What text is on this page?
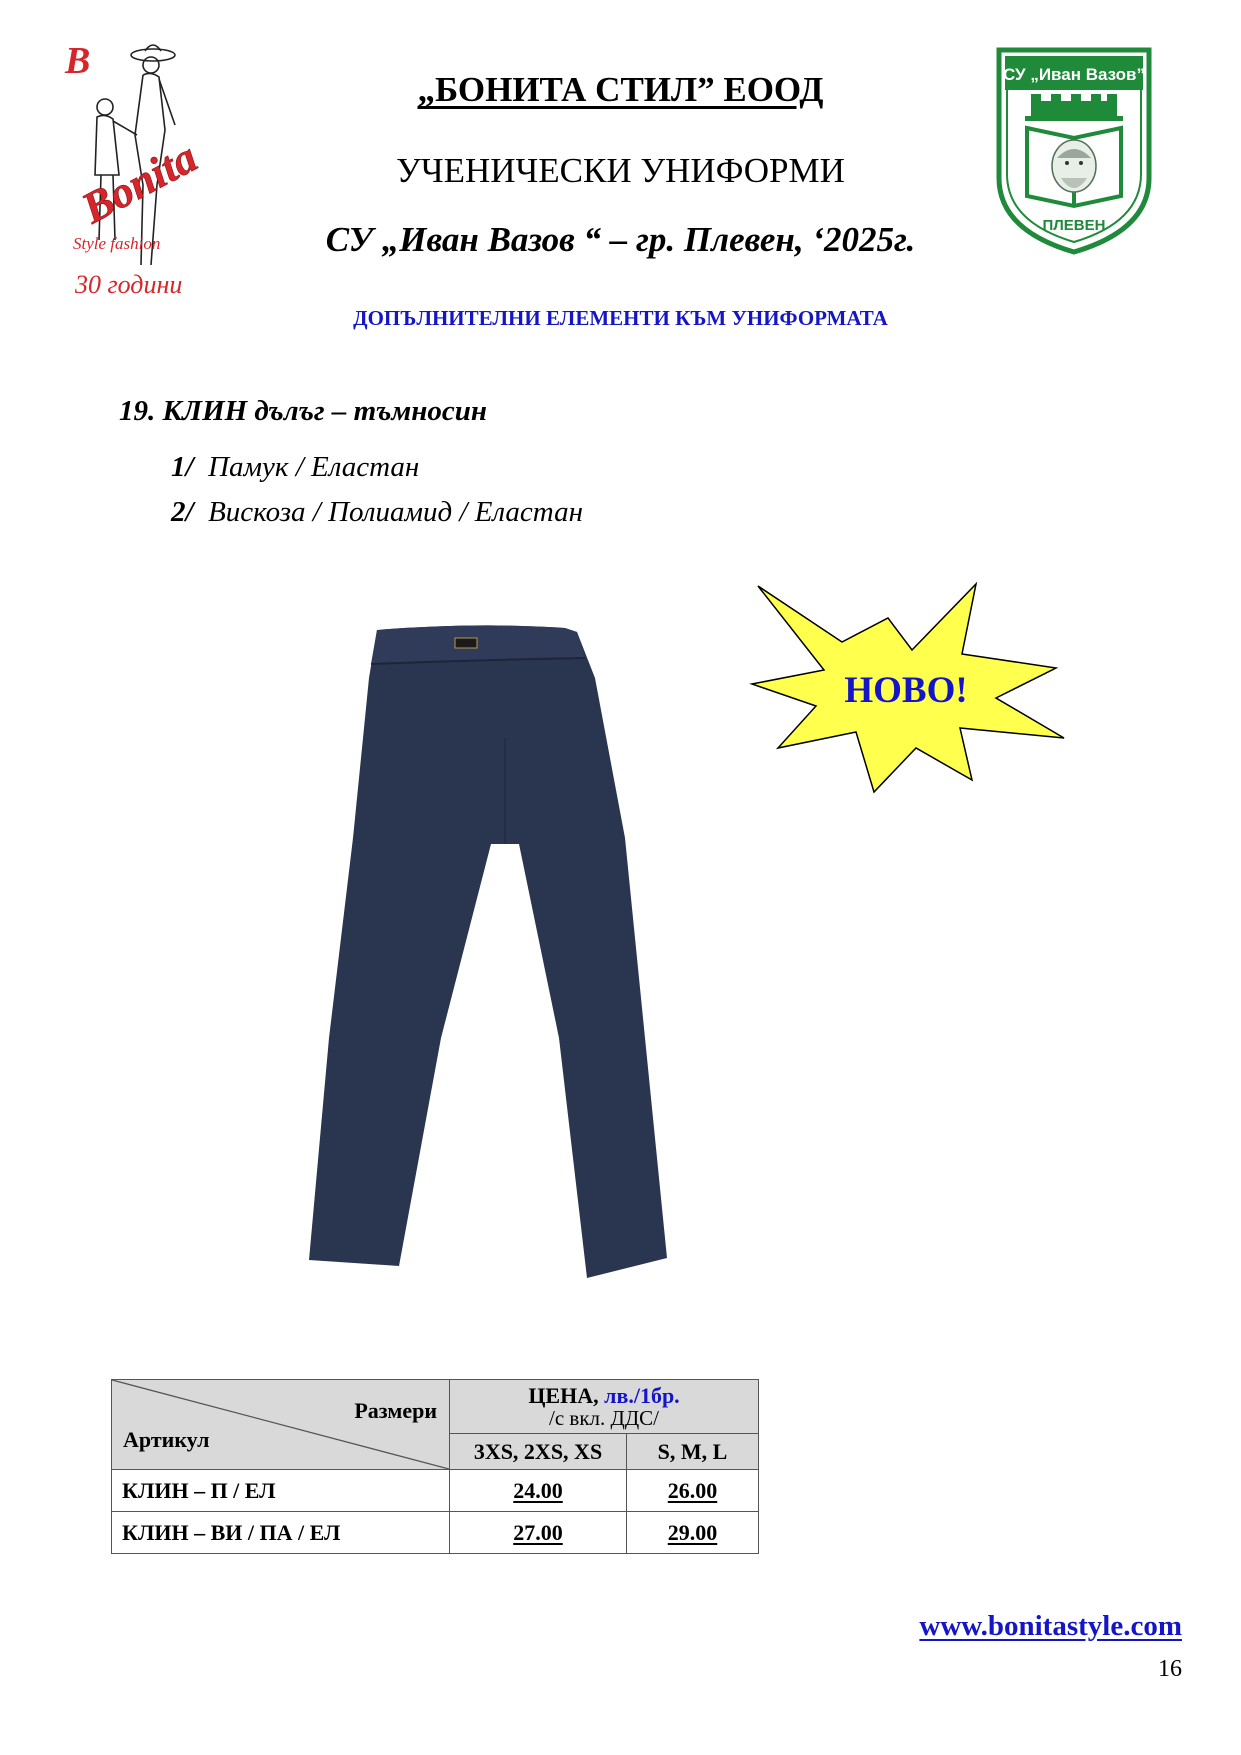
B
Bonita
Style fashion
30 години
СУ „Иван Вазов”
ПЛЕВЕН
„БОНИТА СТИЛ” ЕООД
УЧЕНИЧЕСКИ УНИФОРМИ
СУ „Иван Вазов “ – гр. Плевен, ‘2025г.
ДОПЪЛНИТЕЛНИ ЕЛЕМЕНТИ КЪМ УНИФОРМАТА
19. КЛИН дълъг – тъмносин
1/ Памук / Еластан
2/ Вискоза / Полиамид / Еластан
НОВО!
Размери
Артикул	ЦЕНА, лв./1бр.
/с вкл. ДДС/	
	3XS, 2XS, XS	S, M, L
КЛИН – П / ЕЛ	24.00	26.00
КЛИН – ВИ / ПА / ЕЛ	27.00	29.00
www.bonitastyle.com
16
